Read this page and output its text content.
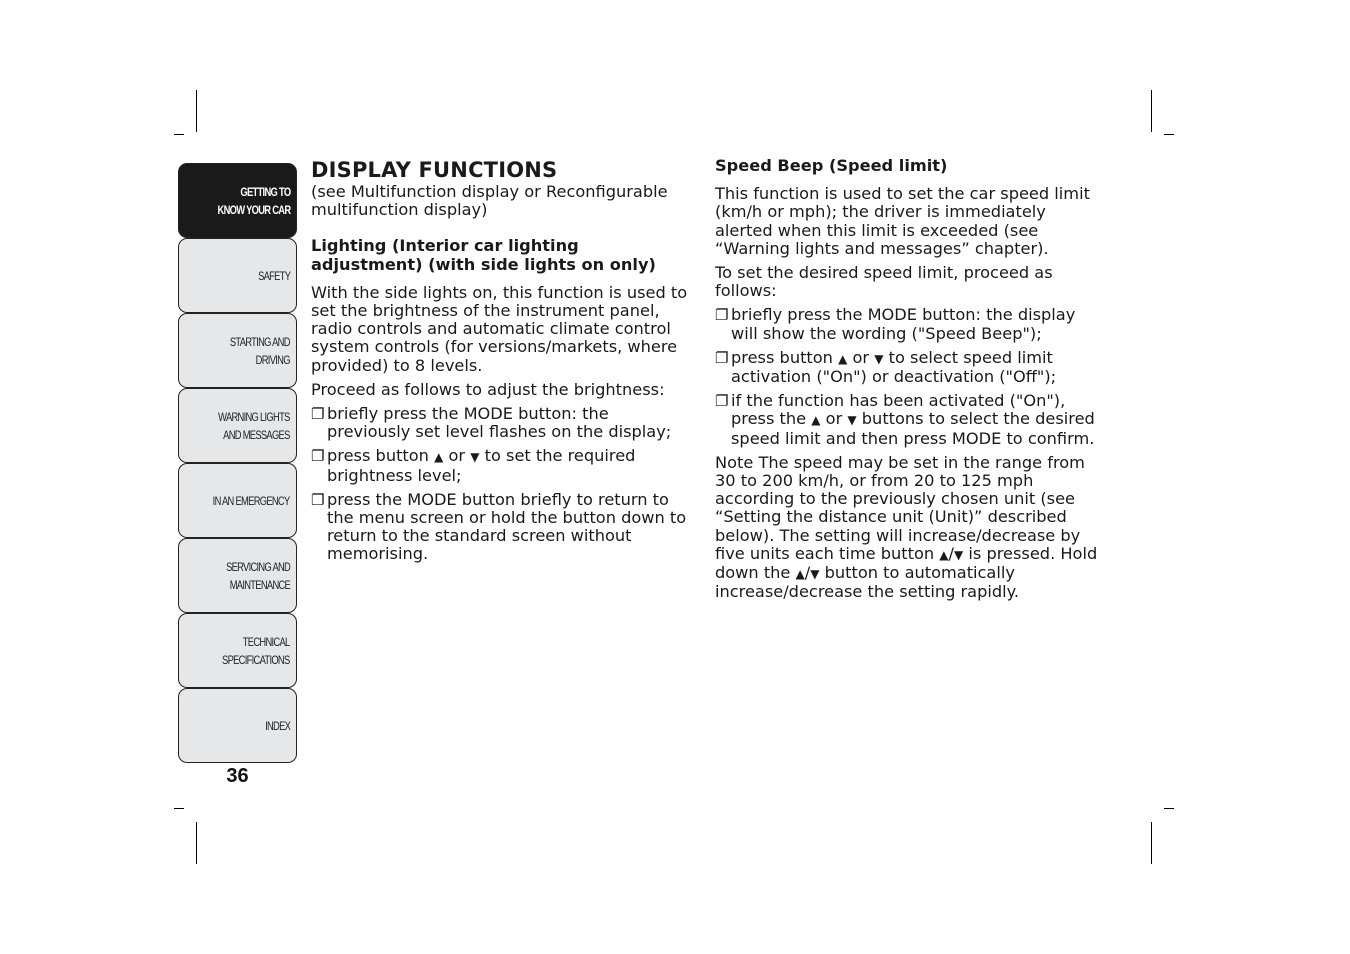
GETTING TO
KNOW YOUR CAR
SAFETY
STARTING AND
DRIVING
WARNING LIGHTS
AND MESSAGES
IN AN EMERGENCY
SERVICING AND
MAINTENANCE
TECHNICAL
SPECIFICATIONS
INDEX
36
DISPLAY FUNCTIONS

(see Multifunction display or Reconfigurable multifunction display)

Lighting (Interior car lighting adjustment) (with side lights on only)

With the side lights on, this function is used to set the brightness of the instrument panel, radio controls and automatic climate control system controls (for versions/markets, where provided) to 8 levels.

Proceed as follows to adjust the brightness:

❐ briefly press the MODE button: the previously set level flashes on the display;
❐ press button ▲ or ▼ to set the required brightness level;
❐ press the MODE button briefly to return to the menu screen or hold the button down to return to the standard screen without memorising.
Speed Beep (Speed limit)

This function is used to set the car speed limit (km/h or mph); the driver is immediately alerted when this limit is exceeded (see “Warning lights and messages” chapter).

To set the desired speed limit, proceed as follows:

❐ briefly press the MODE button: the display will show the wording ("Speed Beep");
❐ press button ▲ or ▼ to select speed limit activation ("On") or deactivation ("Off");
❐ if the function has been activated ("On"), press the ▲ or ▼ buttons to select the desired speed limit and then press MODE to confirm.

Note The speed may be set in the range from 30 to 200 km/h, or from 20 to 125 mph according to the previously chosen unit (see “Setting the distance unit (Unit)” described below). The setting will increase/decrease by five units each time button ▲/▼ is pressed. Hold down the ▲/▼ button to automatically increase/decrease the setting rapidly.
